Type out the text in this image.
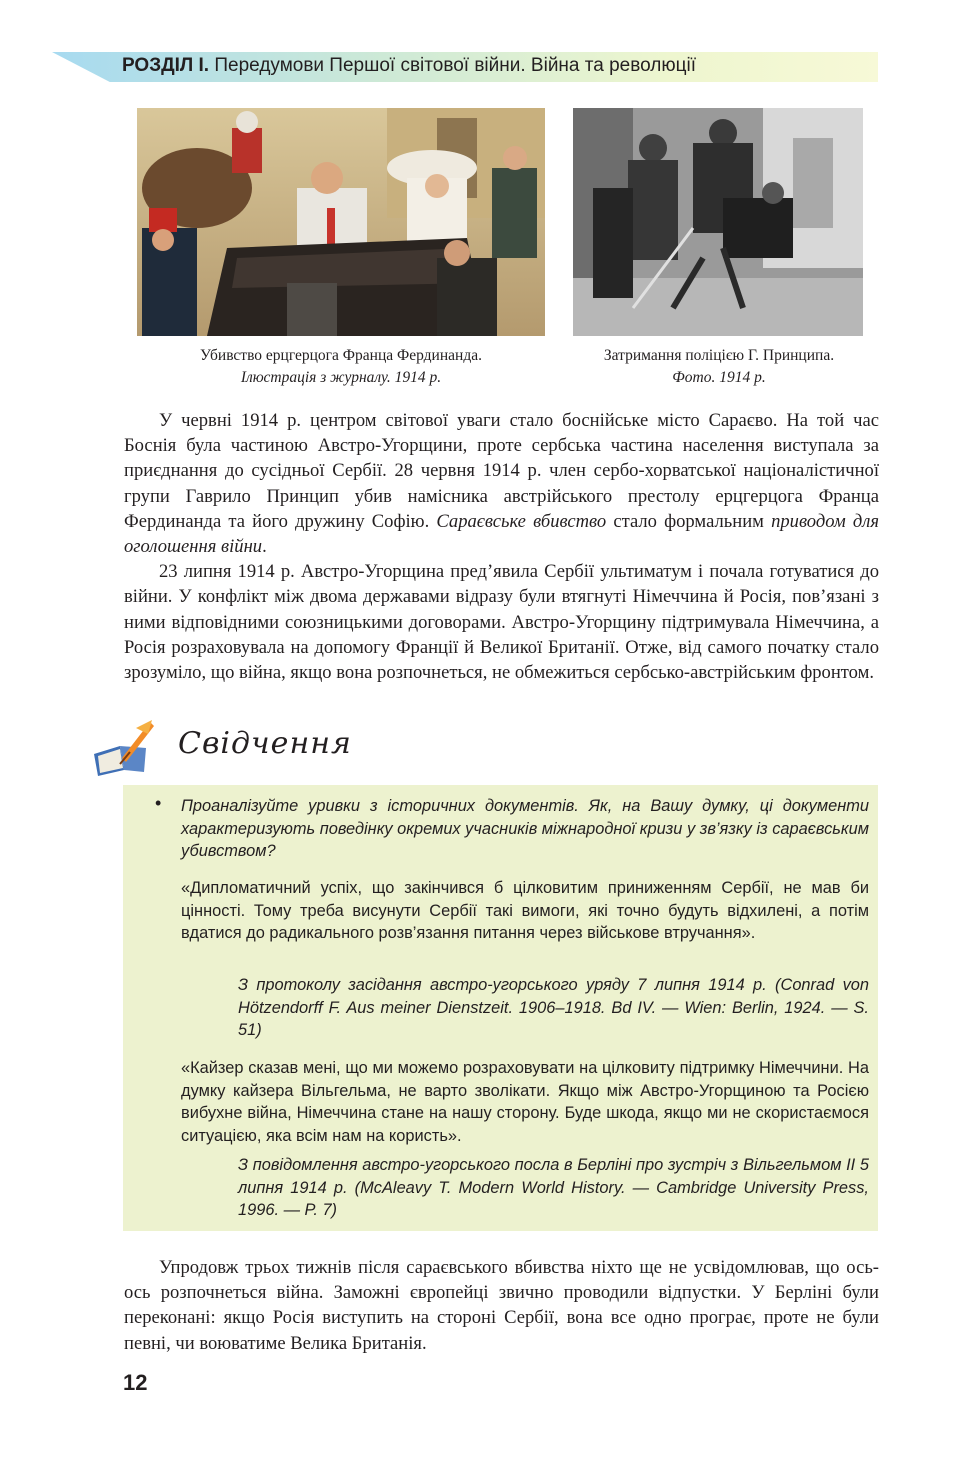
РОЗДІЛ І. Передумови Першої світової війни. Війна та революції
Убивство ерцгерцога Франца Фердинанда.
Ілюстрація з журналу. 1914 р.
Затримання поліцією Г. Принципа.
Фото. 1914 р.

У червні 1914 р. центром світової уваги стало боснійське місто Сараєво. На той час Боснія була частиною Австро-Угорщини, проте сербська частина населення виступала за приєднання до сусідньої Сербії. 28 червня 1914 р. член сербо-хорватської націоналістичної групи Гаврило Принцип убив намісника австрійського престолу ерцгерцога Франца Фердинанда та його дружину Софію. Сараєвське вбивство стало формальним приводом для оголошення війни.

23 липня 1914 р. Австро-Угорщина пред’явила Сербії ультиматум і почала готуватися до війни. У конфлікт між двома державами відразу були втягнуті Німеччина й Росія, пов’язані з ними відповідними союзницькими договорами. Австро-Угорщину підтримувала Німеччина, а Росія розраховувала на допомогу Франції й Великої Британії. Отже, від самого початку стало зрозуміло, що війна, якщо вона розпочнеться, не обмежиться сербсько-австрійським фронтом.

Свідчення
• Проаналізуйте уривки з історичних документів. Як, на Вашу думку, ці документи характеризують поведінку окремих учасників міжнародної кризи у зв’язку із сараєвським убивством?
«Дипломатичний успіх, що закінчився б цілковитим приниженням Сербії, не мав би цінності. Тому треба висунути Сербії такі вимоги, які точно будуть відхилені, а потім вдатися до радикального розв’язання питання через військове втручання».
З протоколу засідання австро-угорського уряду 7 липня 1914 р. (Conrad von Hötzendorff F. Aus meiner Dienstzeit. 1906–1918. Bd IV. — Wien: Berlin, 1924. — S. 51)
«Кайзер сказав мені, що ми можемо розраховувати на цілковиту підтримку Німеччини. На думку кайзера Вільгельма, не варто зволікати. Якщо між Австро-Угорщиною та Росією вибухне війна, Німеччина стане на нашу сторону. Буде шкода, якщо ми не скористаємося ситуацією, яка всім нам на користь».
З повідомлення австро-угорського посла в Берліні про зустріч з Вільгельмом II 5 липня 1914 р. (McAleavy T. Modern World History. — Cambridge University Press, 1996. — P. 7)

Упродовж трьох тижнів після сараєвського вбивства ніхто ще не усвідомлював, що ось-ось розпочнеться війна. Заможні європейці звично проводили відпустки. У Берліні були переконані: якщо Росія виступить на стороні Сербії, вона все одно програє, проте не були певні, чи воюватиме Велика Британія.

12
